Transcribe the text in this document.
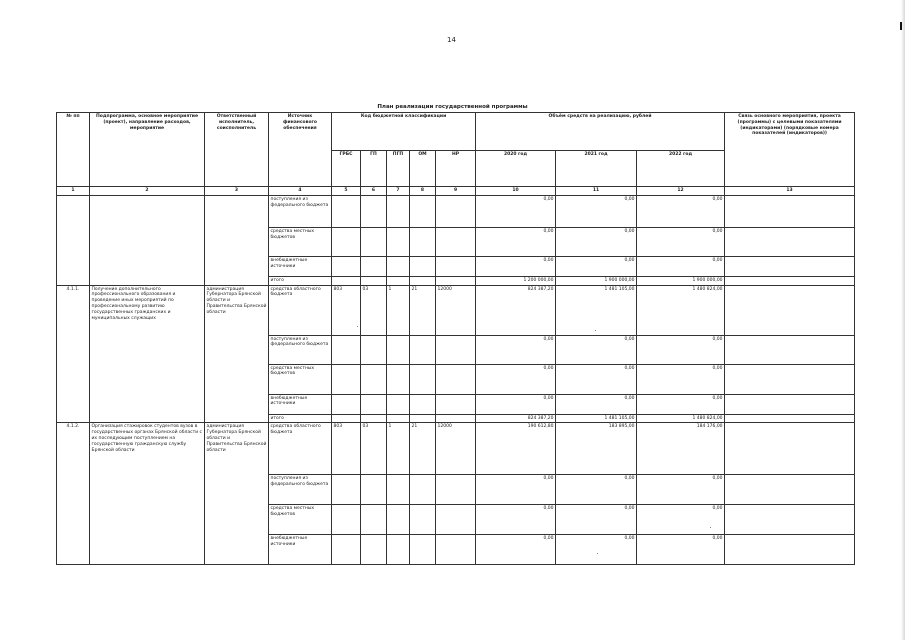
14
План реализации государственной программы
№ пп	Подпрограмма, основное мероприятие (проект), направление расходов, мероприятие	Ответственный исполнитель, соисполнитель	Источник финансового обеспечения	Код бюджетной классификации					Объём средств на реализацию, рублей			Связь основного мероприятия, проекта (программы) с целевыми показателями (индикаторами) (порядковые номера показателей (индикаторов))
				ГРБС	ГП	ПГП	ОМ	НР	2020 год	2021 год	2022 год	
1	2	3	4	5	6	7	8	9	10	11	12	13
			поступления из федерального бюджета						0,00	0,00	0,00	
			средства местных бюджетов						0,00	0,00	0,00	
			внебюджетные источники						0,00	0,00	0,00	
			итого						1 200 000,00	1 900 000,00	1 900 000,00	
4.1.1.	Получение дополнительного профессионального образования и проведение иных мероприятий по профессиональному развитию государственных гражданских и муниципальных служащих	администрация Губернатора Брянской области и Правительства Брянской области	средства областного бюджета	803	03	1	21	12000	824 387,20	1 481 105,00	1 480 824,00	
			поступления из федерального бюджета						0,00	0,00	0,00	
			средства местных бюджетов						0,00	0,00	0,00	
			внебюджетные источники						0,00	0,00	0,00	
			итого						824 387,20	1 481 105,00	1 480 824,00	
4.1.2.	Организация стажировок студентов вузов в государственных органах Брянской области с их последующим поступлением на государственную гражданскую службу Брянской области	администрация Губернатора Брянской области и Правительства Брянской области	средства областного бюджета	803	03	1	21	12000	190 612,80	183 895,00	184 176,00	
			поступления из федерального бюджета						0,00	0,00	0,00	
			средства местных бюджетов						0,00	0,00	0,00	
			внебюджетные источники						0,00	0,00	0,00	
